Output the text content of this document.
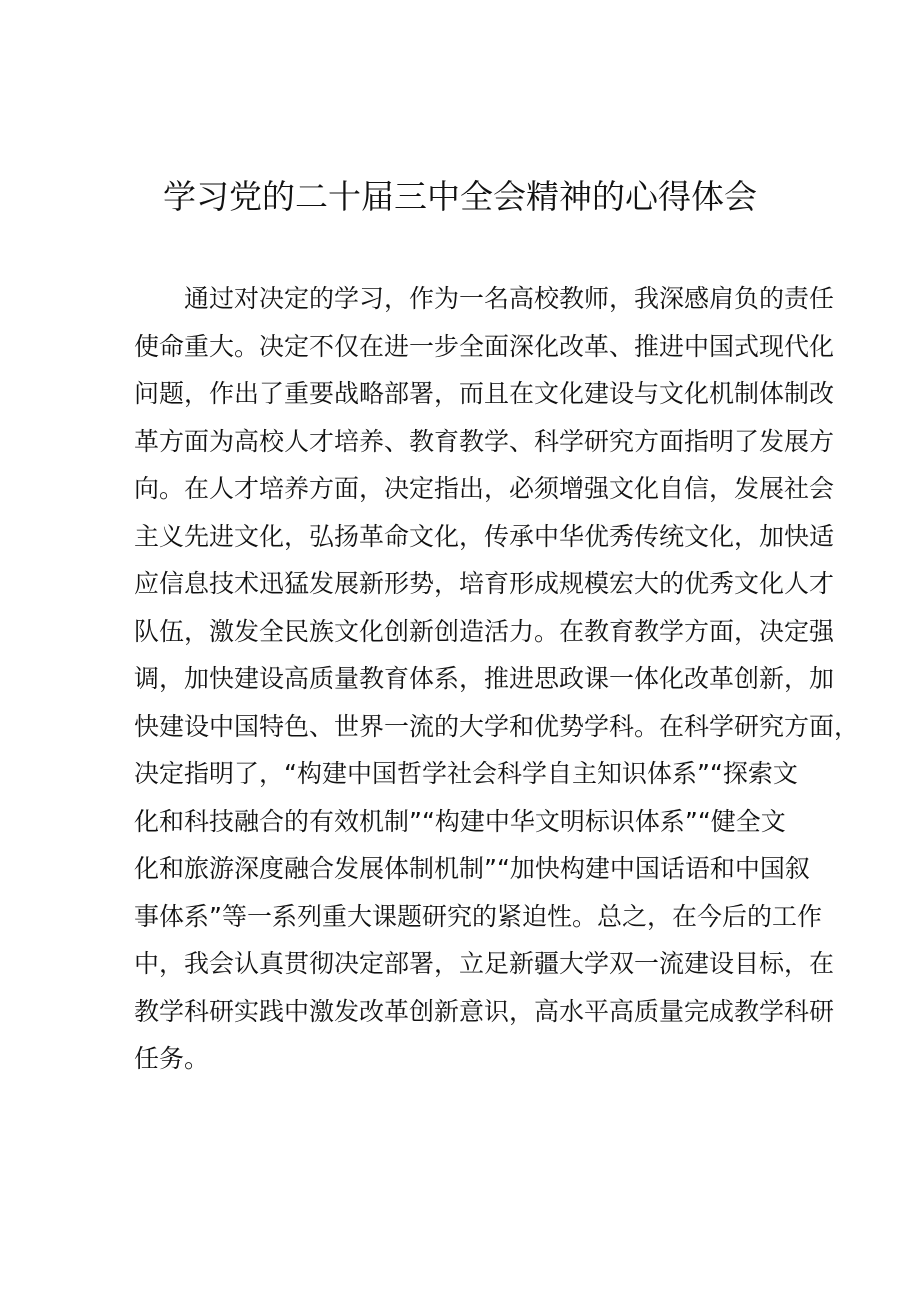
学习党的二十届三中全会精神的心得体会
通过对决定的学习，作为一名高校教师，我深感肩负的责任
使命重大。决定不仅在进一步全面深化改革、推进中国式现代化
问题，作出了重要战略部署，而且在文化建设与文化机制体制改
革方面为高校人才培养、教育教学、科学研究方面指明了发展方
向。在人才培养方面，决定指出，必须增强文化自信，发展社会
主义先进文化，弘扬革命文化，传承中华优秀传统文化，加快适
应信息技术迅猛发展新形势，培育形成规模宏大的优秀文化人才
队伍，激发全民族文化创新创造活力。在教育教学方面，决定强
调，加快建设高质量教育体系，推进思政课一体化改革创新，加
快建设中国特色、世界一流的大学和优势学科。在科学研究方面，
决定指明了，“构建中国哲学社会科学自主知识体系”“探索文
化和科技融合的有效机制”“构建中华文明标识体系”“健全文
化和旅游深度融合发展体制机制”“加快构建中国话语和中国叙
事体系”等一系列重大课题研究的紧迫性。总之，在今后的工作
中，我会认真贯彻决定部署，立足新疆大学双一流建设目标，在
教学科研实践中激发改革创新意识，高水平高质量完成教学科研
任务。
